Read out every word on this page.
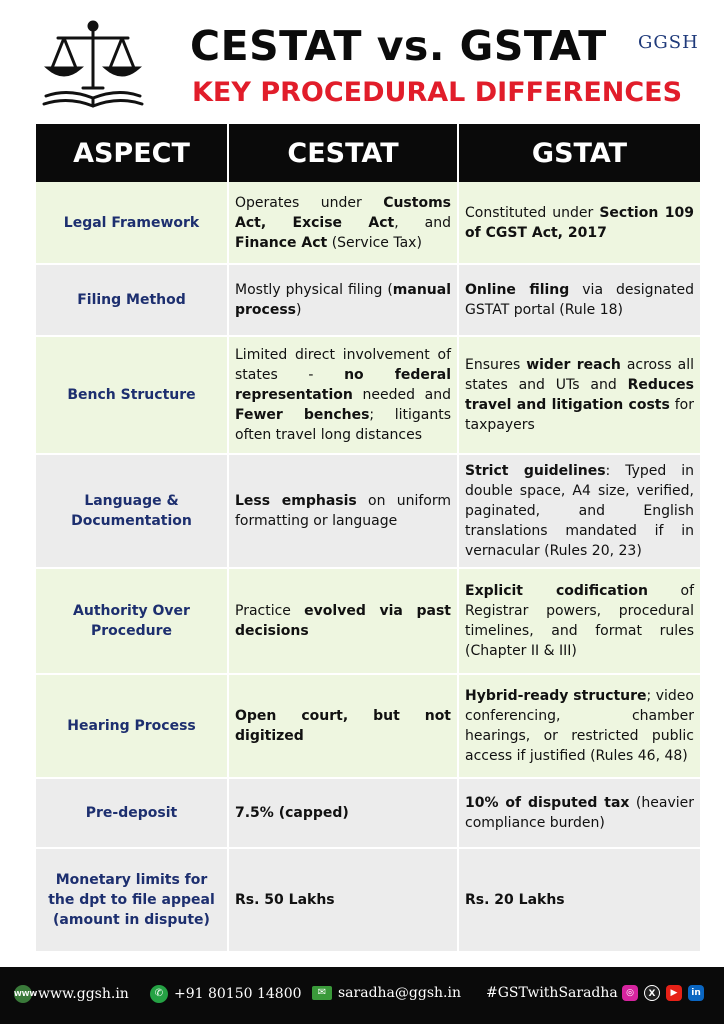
CESTAT vs. GSTAT
KEY PROCEDURAL DIFFERENCES
GGSH
ASPECT	CESTAT	GSTAT
Legal Framework	Operates under Customs Act, Excise Act, and Finance Act (Service Tax)	Constituted under Section 109 of CGST Act, 2017
Filing Method	Mostly physical filing (manual process)	Online filing via designated GSTAT portal (Rule 18)
Bench Structure	Limited direct involvement of states - no federal representation needed and Fewer benches; litigants often travel long distances	Ensures wider reach across all states and UTs and Reduces travel and litigation costs for taxpayers
Language & Documentation	Less emphasis on uniform formatting or language	Strict guidelines: Typed in double space, A4 size, verified, paginated, and English translations mandated if in vernacular (Rules 20, 23)
Authority Over Procedure	Practice evolved via past decisions	Explicit codification of Registrar powers, procedural timelines, and format rules (Chapter II & III)
Hearing Process	Open court, but not digitized	Hybrid-ready structure; video conferencing, chamber hearings, or restricted public access if justified (Rules 46, 48)
Pre-deposit	7.5% (capped)	10% of disputed tax (heavier compliance burden)
Monetary limits for the dpt to file appeal (amount in dispute)	Rs. 50 Lakhs	Rs. 20 Lakhs
WWW www.ggsh.in	✆ +91 80150 14800	✉ saradha@ggsh.in #GSTwithSaradha ◎	X	▶	in
